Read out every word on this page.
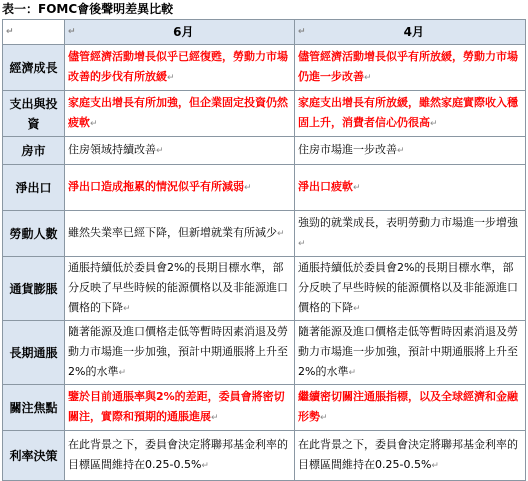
表一：FOMC會後聲明差異比較
↵	↵ 6月	↵ 4月
經濟成長	儘管經濟活動增長似乎已經復甦，勞動力市場改善的步伐有所放緩↵	儘管經濟活動增長似乎有所放緩，勞動力市場仍進一步改善↵
支出與投資	家庭支出增長有所加強，但企業固定投資仍然疲軟↵	家庭支出增長有所放緩，雖然家庭實際收入穩固上升，消費者信心仍很高↵
房市	住房領域持續改善↵	住房市場進一步改善↵
淨出口	淨出口造成拖累的情況似乎有所減弱↵	淨出口疲軟↵
勞動人數	雖然失業率已經下降，但新增就業有所減少↵	強勁的就業成長，表明勞動力市場進一步增強↵
通貨膨脹	通脹持續低於委員會2%的長期目標水準，部分反映了早些時候的能源價格以及非能源進口價格的下降↵	通脹持續低於委員會2%的長期目標水準，部分反映了早些時候的能源價格以及非能源進口價格的下降↵
長期通脹	隨著能源及進口價格走低等暫時因素消退及勞動力市場進一步加強，預計中期通脹將上升至2%的水準↵	隨著能源及進口價格走低等暫時因素消退及勞動力市場進一步加強，預計中期通脹將上升至2%的水準↵
關注焦點	鑒於目前通脹率與2%的差距，委員會將密切關注，實際和預期的通脹進展↵	繼續密切關注通脹指標，以及全球經濟和金融形勢↵
利率決策	在此背景之下，委員會決定將聯邦基金利率的目標區間維持在0.25-0.5%↵	在此背景之下，委員會決定將聯邦基金利率的目標區間維持在0.25-0.5%↵
